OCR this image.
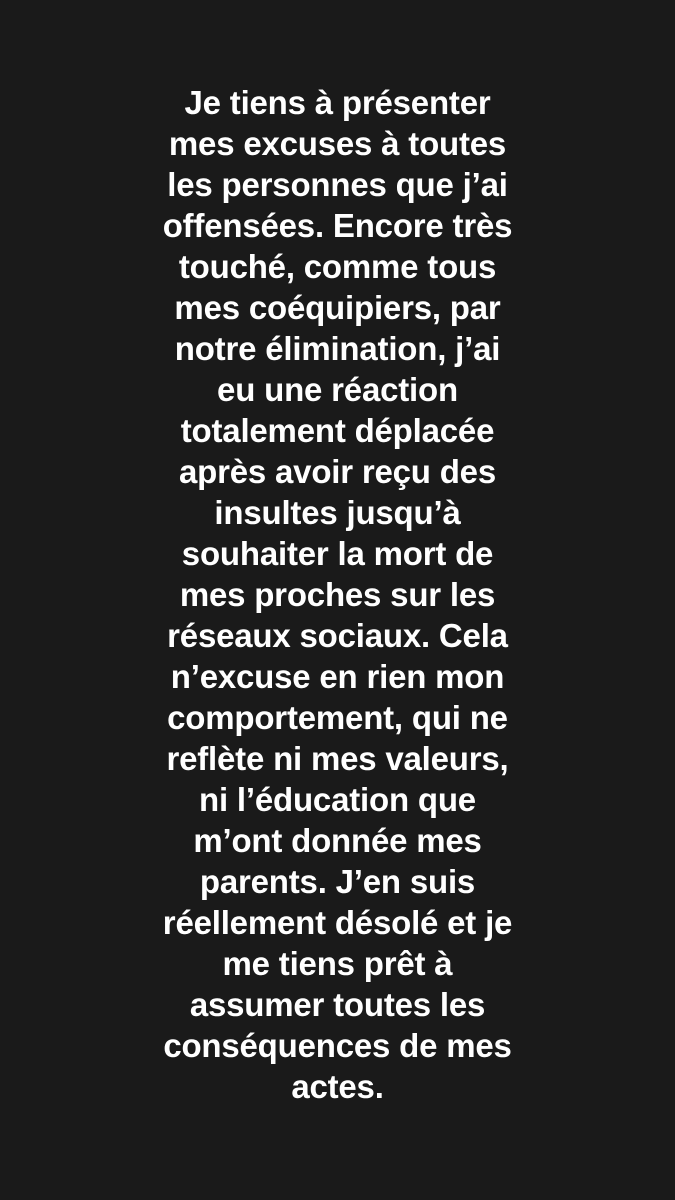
Je tiens à présenter mes excuses à toutes les personnes que j’ai offensées. Encore très touché, comme tous mes coéquipiers, par notre élimination, j’ai eu une réaction totalement déplacée après avoir reçu des insultes jusqu’à souhaiter la mort de mes proches sur les réseaux sociaux. Cela n’excuse en rien mon comportement, qui ne reflète ni mes valeurs, ni l’éducation que m’ont donnée mes parents. J’en suis réellement désolé et je me tiens prêt à assumer toutes les conséquences de mes actes.
